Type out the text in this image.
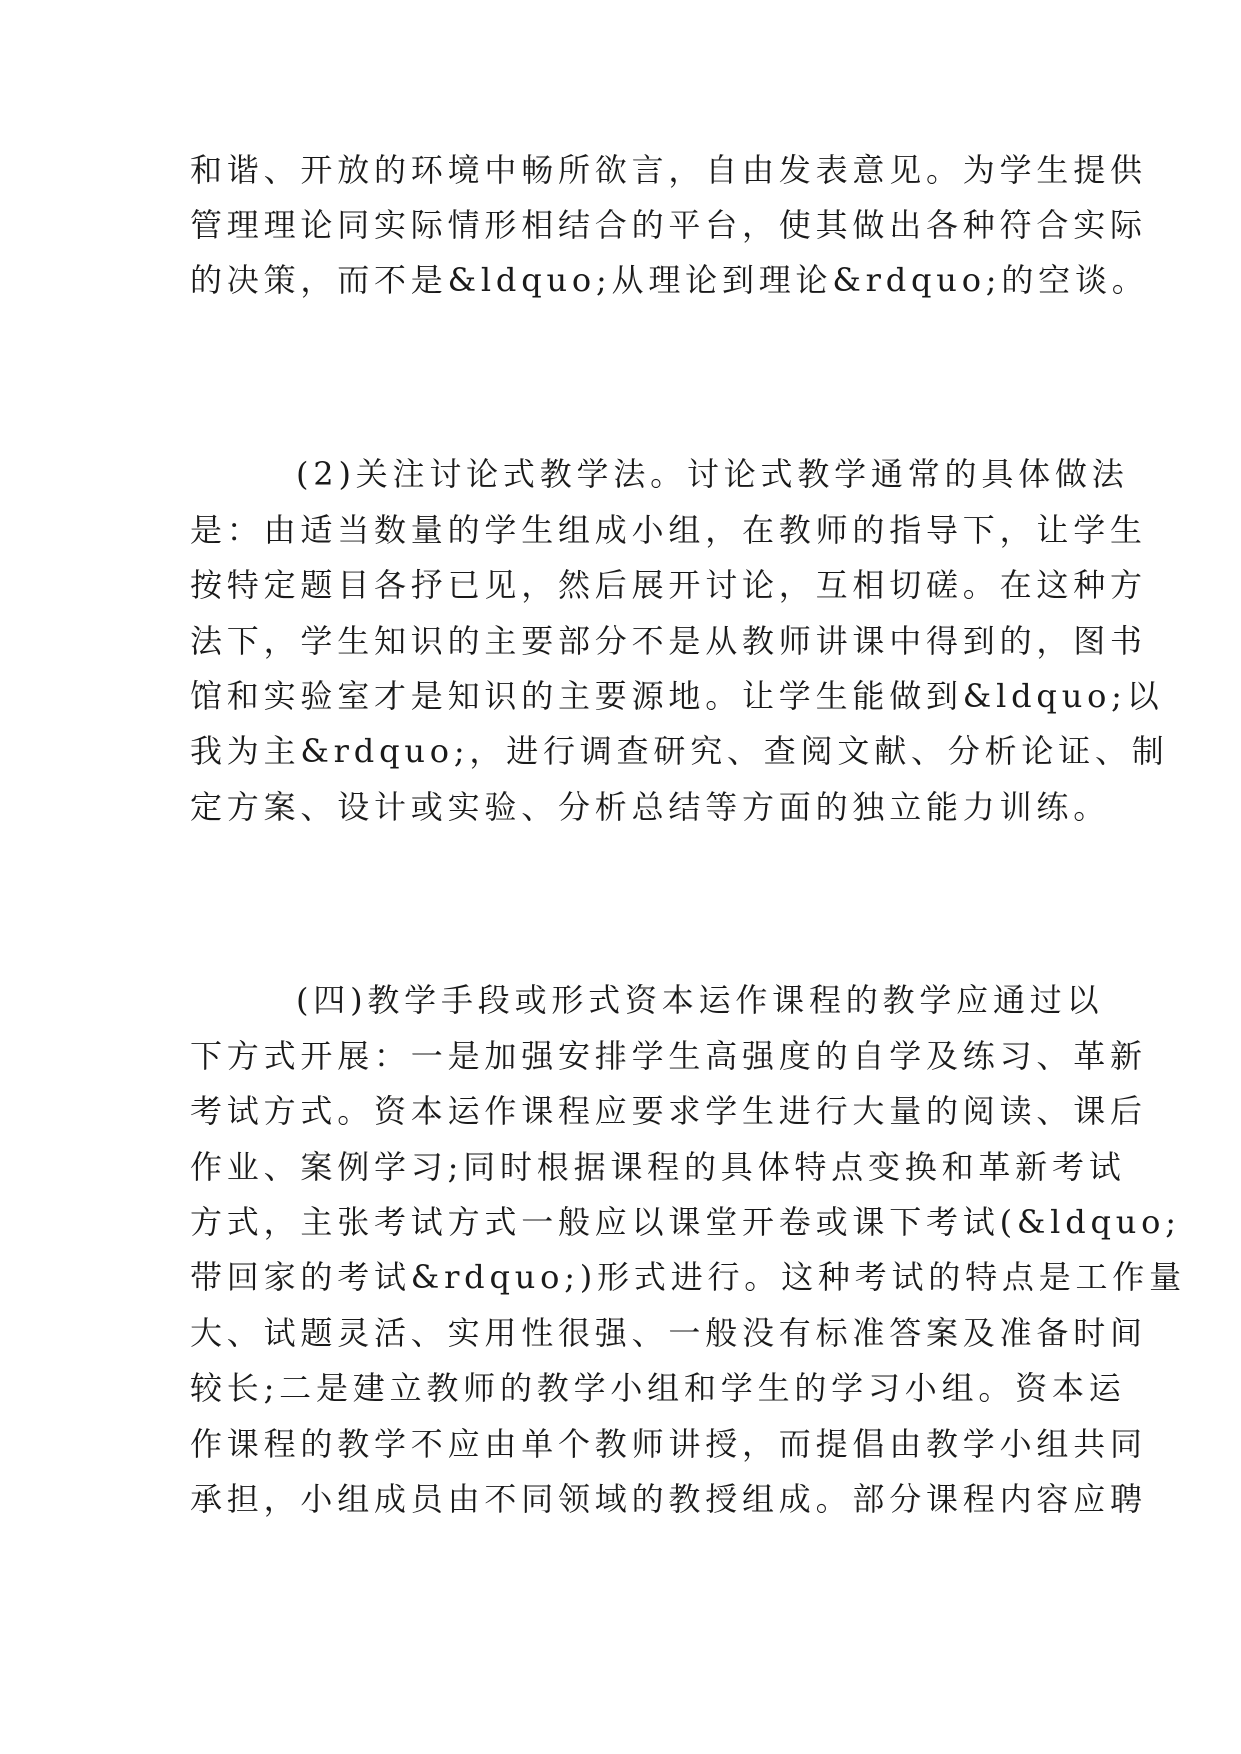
和谐、开放的环境中畅所欲言，自由发表意见。为学生提供
管理理论同实际情形相结合的平台，使其做出各种符合实际
的决策，而不是&ldquo;从理论到理论&rdquo;的空谈。
(2)关注讨论式教学法。讨论式教学通常的具体做法
是：由适当数量的学生组成小组，在教师的指导下，让学生
按特定题目各抒已见，然后展开讨论，互相切磋。在这种方
法下，学生知识的主要部分不是从教师讲课中得到的，图书
馆和实验室才是知识的主要源地。让学生能做到&ldquo;以
我为主&rdquo;，进行调查研究、查阅文献、分析论证、制
定方案、设计或实验、分析总结等方面的独立能力训练。
(四)教学手段或形式资本运作课程的教学应通过以
下方式开展：一是加强安排学生高强度的自学及练习、革新
考试方式。资本运作课程应要求学生进行大量的阅读、课后
作业、案例学习;同时根据课程的具体特点变换和革新考试
方式，主张考试方式一般应以课堂开卷或课下考试(&ldquo;
带回家的考试&rdquo;)形式进行。这种考试的特点是工作量
大、试题灵活、实用性很强、一般没有标准答案及准备时间
较长;二是建立教师的教学小组和学生的学习小组。资本运
作课程的教学不应由单个教师讲授，而提倡由教学小组共同
承担，小组成员由不同领域的教授组成。部分课程内容应聘
